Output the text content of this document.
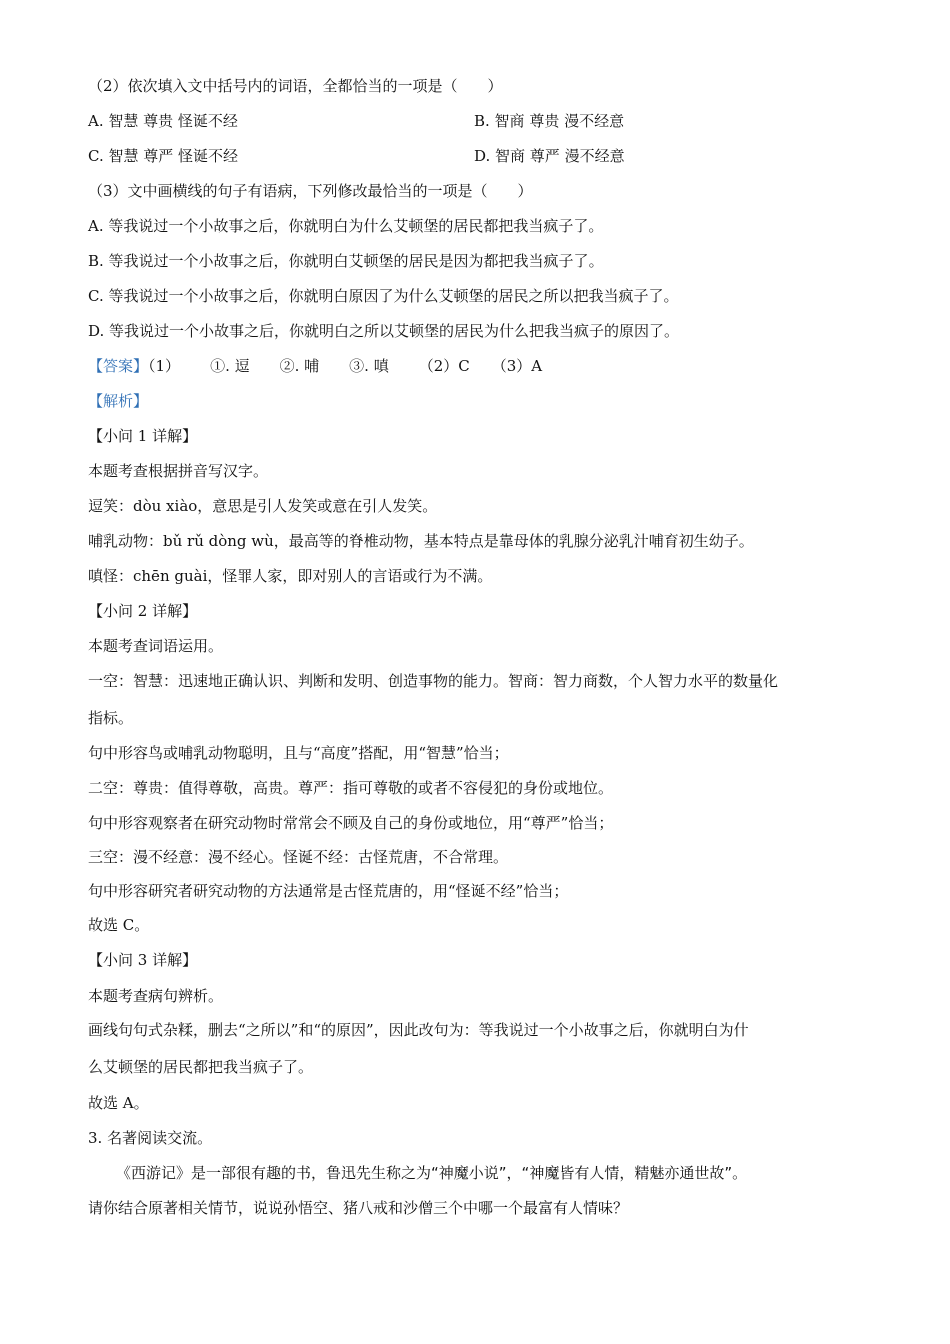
（2）依次填入文中括号内的词语，全都恰当的一项是（　　）
A. 智慧 尊贵 怪诞不经	B. 智商 尊贵 漫不经意
C. 智慧 尊严 怪诞不经	D. 智商 尊严 漫不经意
（3）文中画横线的句子有语病，下列修改最恰当的一项是（　　）
A. 等我说过一个小故事之后，你就明白为什么艾顿堡的居民都把我当疯子了。
B. 等我说过一个小故事之后，你就明白艾顿堡的居民是因为都把我当疯子了。
C. 等我说过一个小故事之后，你就明白原因了为什么艾顿堡的居民之所以把我当疯子了。
D. 等我说过一个小故事之后，你就明白之所以艾顿堡的居民为什么把我当疯子的原因了。
【答案】（1） ①. 逗 ②. 哺 ③. 嗔 （2）C （3）A
【解析】
【小问 1 详解】
本题考查根据拼音写汉字。
逗笑：dòu xiào，意思是引人发笑或意在引人发笑。
哺乳动物：bǔ rǔ dòng wù，最高等的脊椎动物，基本特点是靠母体的乳腺分泌乳汁哺育初生幼子。
嗔怪：chēn guài，怪罪人家，即对别人的言语或行为不满。
【小问 2 详解】
本题考查词语运用。
一空：智慧：迅速地正确认识、判断和发明、创造事物的能力。智商：智力商数，个人智力水平的数量化
指标。
句中形容鸟或哺乳动物聪明，且与“高度”搭配，用“智慧”恰当；
二空：尊贵：值得尊敬，高贵。尊严：指可尊敬的或者不容侵犯的身份或地位。
句中形容观察者在研究动物时常常会不顾及自己的身份或地位，用“尊严”恰当；
三空：漫不经意：漫不经心。怪诞不经：古怪荒唐，不合常理。
句中形容研究者研究动物的方法通常是古怪荒唐的，用“怪诞不经”恰当；
故选 C。
【小问 3 详解】
本题考查病句辨析。
画线句句式杂糅，删去“之所以”和“的原因”，因此改句为：等我说过一个小故事之后，你就明白为什
么艾顿堡的居民都把我当疯子了。
故选 A。
3. 名著阅读交流。
《西游记》是一部很有趣的书，鲁迅先生称之为“神魔小说”，“神魔皆有人情，精魅亦通世故”。
请你结合原著相关情节，说说孙悟空、猪八戒和沙僧三个中哪一个最富有人情味？
